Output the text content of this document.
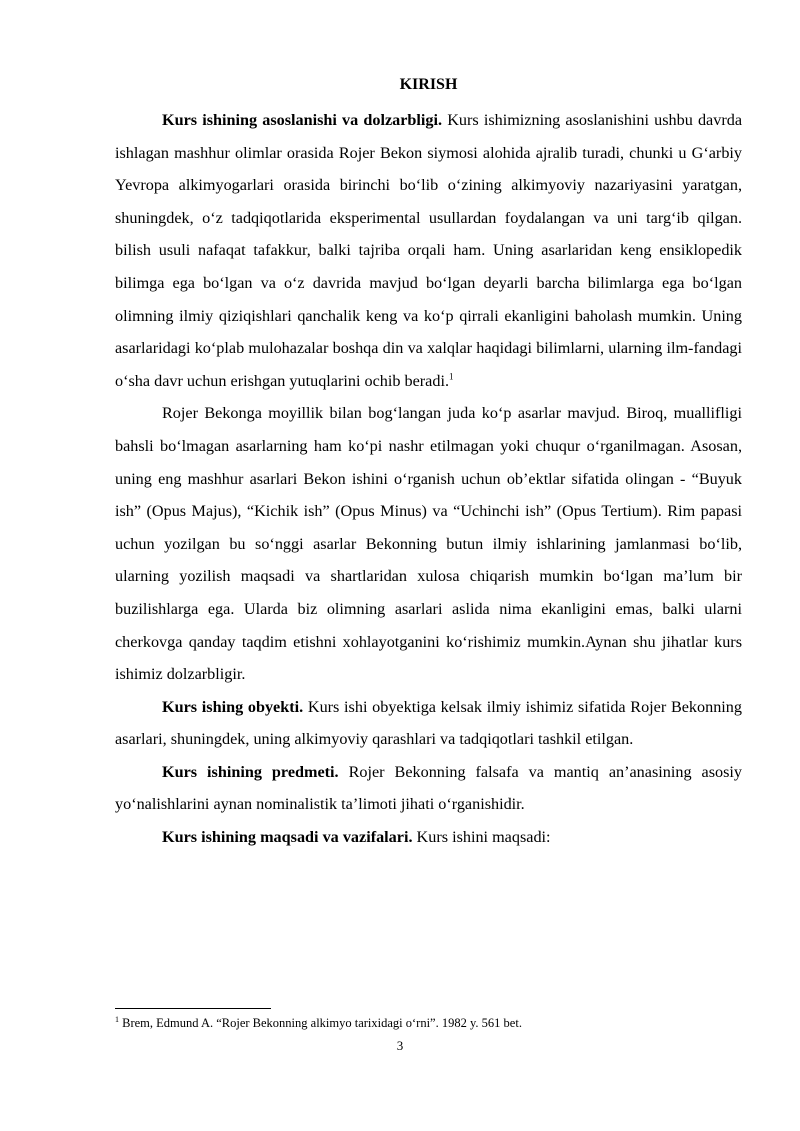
KIRISH

Kurs ishining asoslanishi va dolzarbligi. Kurs ishimizning asoslanishini ushbu davrda ishlagan mashhur olimlar orasida Rojer Bekon siymosi alohida ajralib turadi, chunki u G‘arbiy Yevropa alkimyogarlari orasida birinchi bo‘lib o‘zining alkimyoviy nazariyasini yaratgan, shuningdek, o‘z tadqiqotlarida eksperimental usullardan foydalangan va uni targ‘ib qilgan. bilish usuli nafaqat tafakkur, balki tajriba orqali ham. Uning asarlaridan keng ensiklopedik bilimga ega bo‘lgan va o‘z davrida mavjud bo‘lgan deyarli barcha bilimlarga ega bo‘lgan olimning ilmiy qiziqishlari qanchalik keng va ko‘p qirrali ekanligini baholash mumkin. Uning asarlaridagi ko‘plab mulohazalar boshqa din va xalqlar haqidagi bilimlarni, ularning ilm-fandagi o‘sha davr uchun erishgan yutuqlarini ochib beradi.$^1$

Rojer Bekonga moyillik bilan bog‘langan juda ko‘p asarlar mavjud. Biroq, muallifligi bahsli bo‘lmagan asarlarning ham ko‘pi nashr etilmagan yoki chuqur o‘rganilmagan. Asosan, uning eng mashhur asarlari Bekon ishini o‘rganish uchun ob’ektlar sifatida olingan - “Buyuk ish” (Opus Majus), “Kichik ish” (Opus Minus) va “Uchinchi ish” (Opus Tertium). Rim papasi uchun yozilgan bu so‘nggi asarlar Bekonning butun ilmiy ishlarining jamlanmasi bo‘lib, ularning yozilish maqsadi va shartlaridan xulosa chiqarish mumkin bo‘lgan ma’lum bir buzilishlarga ega. Ularda biz olimning asarlari aslida nima ekanligini emas, balki ularni cherkovga qanday taqdim etishni xohlayotganini ko‘rishimiz mumkin.Aynan shu jihatlar kurs ishimiz dolzarbligir.

Kurs ishing obyekti. Kurs ishi obyektiga kelsak ilmiy ishimiz sifatida Rojer Bekonning asarlari, shuningdek, uning alkimyoviy qarashlari va tadqiqotlari tashkil etilgan.

Kurs ishining predmeti. Rojer Bekonning falsafa va mantiq an’anasining asosiy yo‘nalishlarini aynan nominalistik ta’limoti jihati o‘rganishidir.

Kurs ishining maqsadi va vazifalari. Kurs ishini maqsadi:

$^1$ Brem, Edmund A. “Rojer Bekonning alkimyo tarixidagi o‘rni”. 1982 y. 561 bet.
3
